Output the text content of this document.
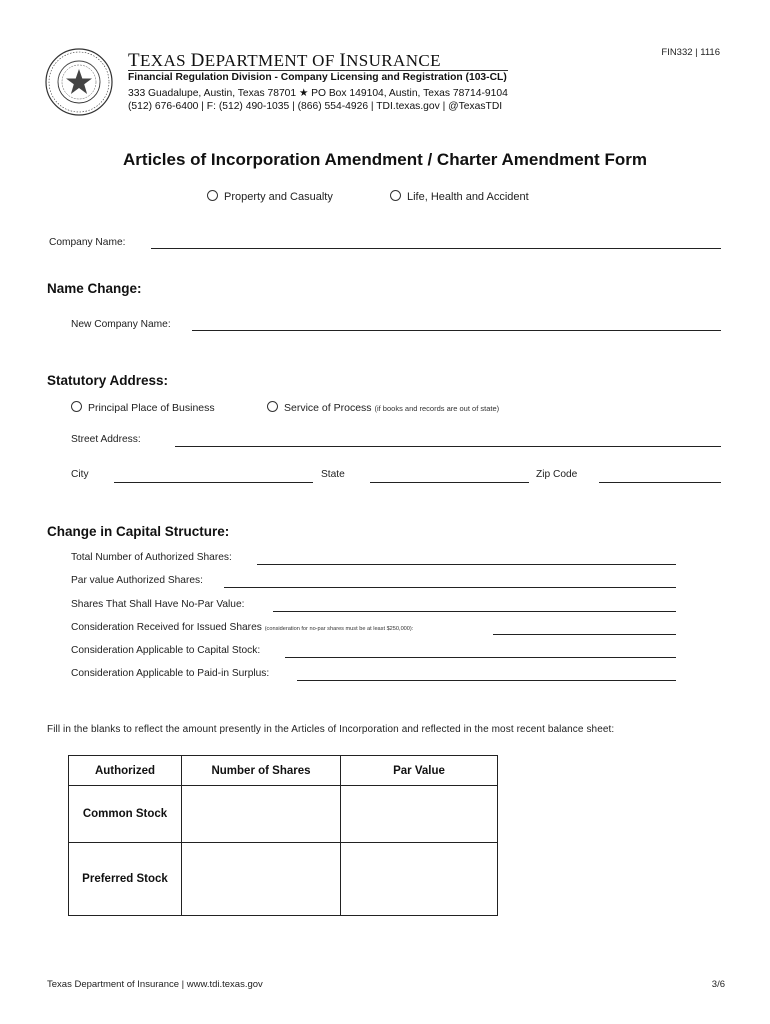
TEXAS DEPARTMENT OF INSURANCE
Financial Regulation Division - Company Licensing and Registration (103-CL)
333 Guadalupe, Austin, Texas 78701 ★ PO Box 149104, Austin, Texas 78714-9104
(512) 676-6400 | F: (512) 490-1035 | (866) 554-4926 | TDI.texas.gov | @TexasTDI
FIN332 | 1116
Articles of Incorporation Amendment / Charter Amendment Form
Property and Casualty	Life, Health and Accident
Company Name:
Name Change:
New Company Name:
Statutory Address:
Principal Place of Business	Service of Process (if books and records are out of state)
Street Address:
City	State	Zip Code
Change in Capital Structure:
Total Number of Authorized Shares:
Par value Authorized Shares:
Shares That Shall Have No-Par Value:
Consideration Received for Issued Shares (consideration for no-par shares must be at least $250,000):
Consideration Applicable to Capital Stock:
Consideration Applicable to Paid-in Surplus:
Fill in the blanks to reflect the amount presently in the Articles of Incorporation and reflected in the most recent balance sheet:
Authorized	Number of Shares	Par Value
Common Stock		
Preferred Stock		
Texas Department of Insurance | www.tdi.texas.gov	3/6
